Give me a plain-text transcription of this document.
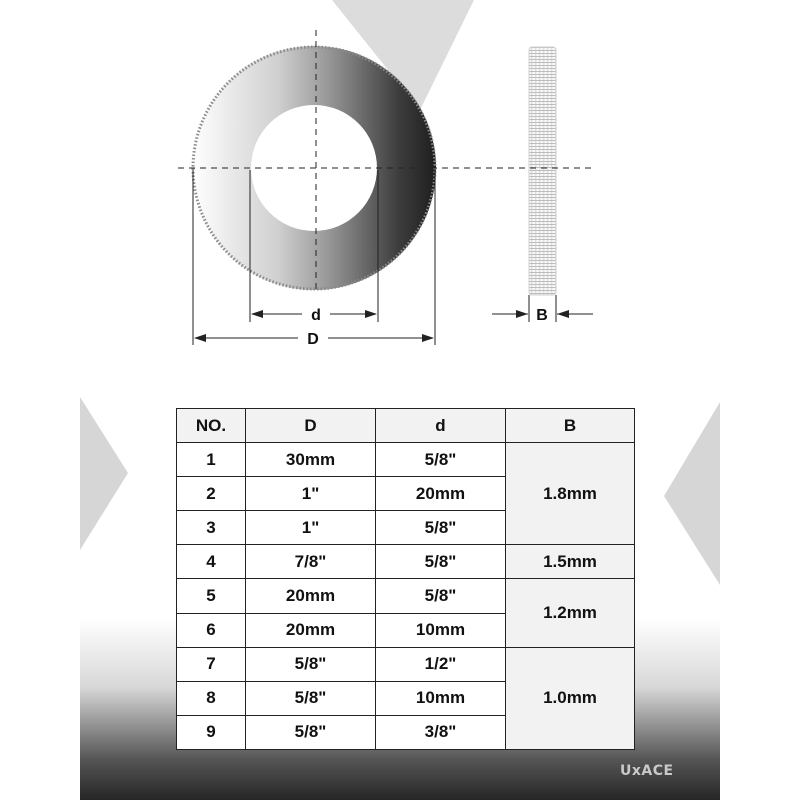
d
D
B
NO.	D	d	B
1	30mm	5/8"	1.8mm
2	1"	20mm	
3	1"	5/8"	
4	7/8"	5/8"	1.5mm
5	20mm	5/8"	1.2mm
6	20mm	10mm	
7	5/8"	1/2"	1.0mm
8	5/8"	10mm	
9	5/8"	3/8"	
UxACE
